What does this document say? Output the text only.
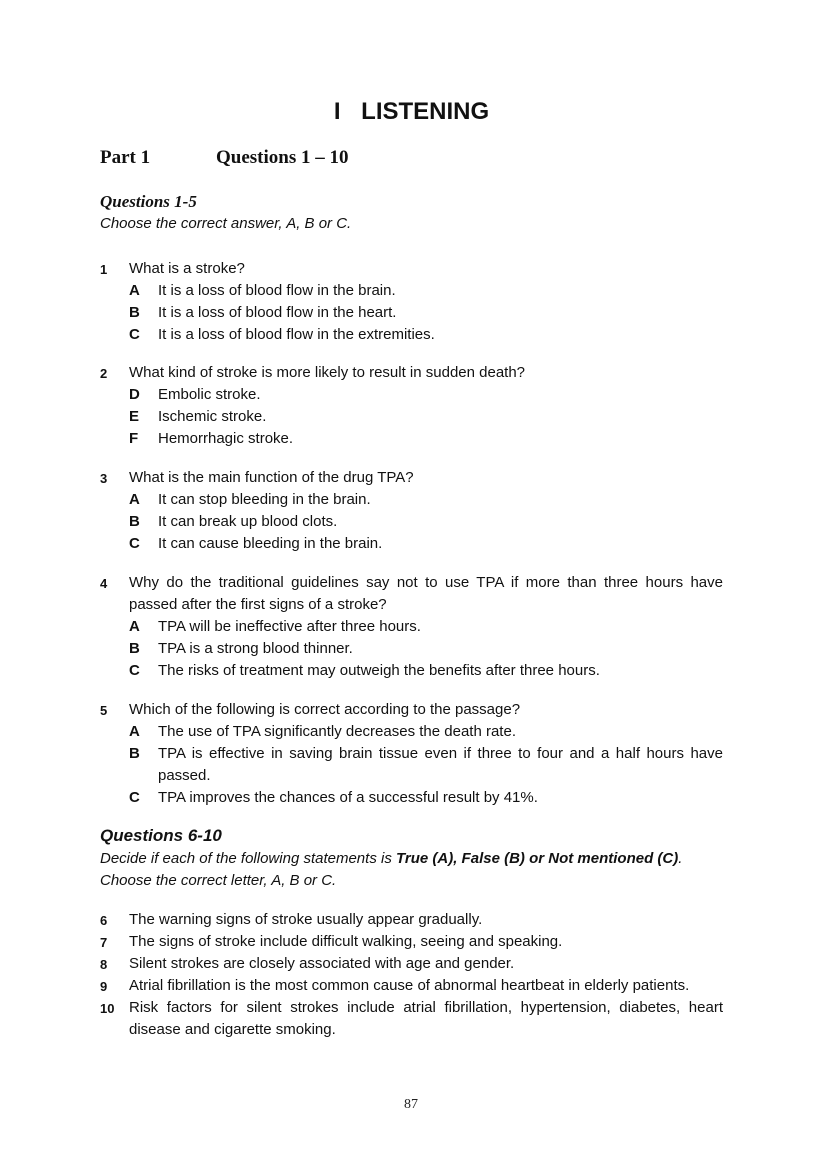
I LISTENING
Part 1	Questions 1 – 10
Questions 1-5
Choose the correct answer, A, B or C.
1 What is a stroke?
A It is a loss of blood flow in the brain.
B It is a loss of blood flow in the heart.
C It is a loss of blood flow in the extremities.
2 What kind of stroke is more likely to result in sudden death?
D Embolic stroke.
E Ischemic stroke.
F Hemorrhagic stroke.
3 What is the main function of the drug TPA?
A It can stop bleeding in the brain.
B It can break up blood clots.
C It can cause bleeding in the brain.
4 Why do the traditional guidelines say not to use TPA if more than three hours have passed after the first signs of a stroke?
A TPA will be ineffective after three hours.
B TPA is a strong blood thinner.
C The risks of treatment may outweigh the benefits after three hours.
5 Which of the following is correct according to the passage?
A The use of TPA significantly decreases the death rate.
B TPA is effective in saving brain tissue even if three to four and a half hours have passed.
C TPA improves the chances of a successful result by 41%.
Questions 6-10
Decide if each of the following statements is True (A), False (B) or Not mentioned (C).
Choose the correct letter, A, B or C.
6 The warning signs of stroke usually appear gradually.
7 The signs of stroke include difficult walking, seeing and speaking.
8 Silent strokes are closely associated with age and gender.
9 Atrial fibrillation is the most common cause of abnormal heartbeat in elderly patients.
10 Risk factors for silent strokes include atrial fibrillation, hypertension, diabetes, heart disease and cigarette smoking.
87
